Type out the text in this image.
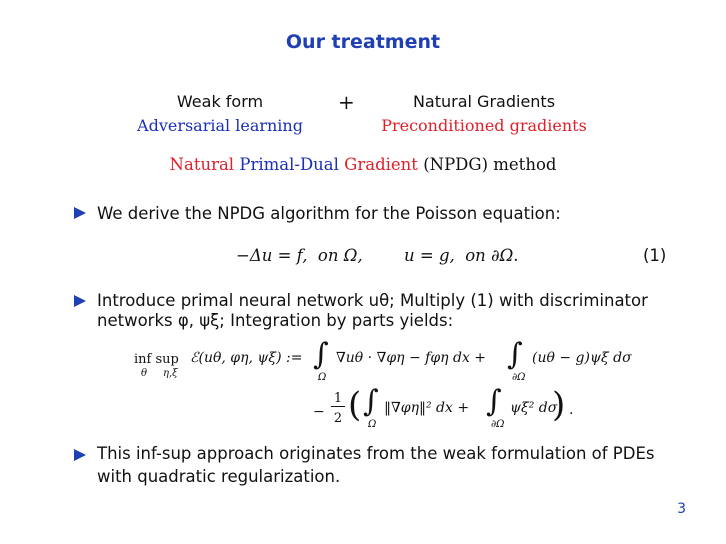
Our treatment
Weak form
Adversarial learning
+	Natural Gradients
Preconditioned gradients
Natural Primal-Dual Gradient (NPDG) method
We derive the NPDG algorithm for the Poisson equation:
−Δu = f,  on Ω,	u = g,  on ∂Ω.	(1)
Introduce primal neural network uθ; Multiply (1) with discriminator
networks φ, ψξ; Integration by parts yields:
inf sup
θ η,ξ
ℰ(uθ, φη, ψξ) := ∫
Ω
∇uθ · ∇φη − fφη dx + ∫
∂Ω
(uθ − g)ψξ dσ
−
1
2 ( ∫
Ω
‖∇φη‖² dx + ∫
∂Ω
ψξ² dσ
) .
This inf-sup approach originates from the weak formulation of PDEs
with quadratic regularization.
3
